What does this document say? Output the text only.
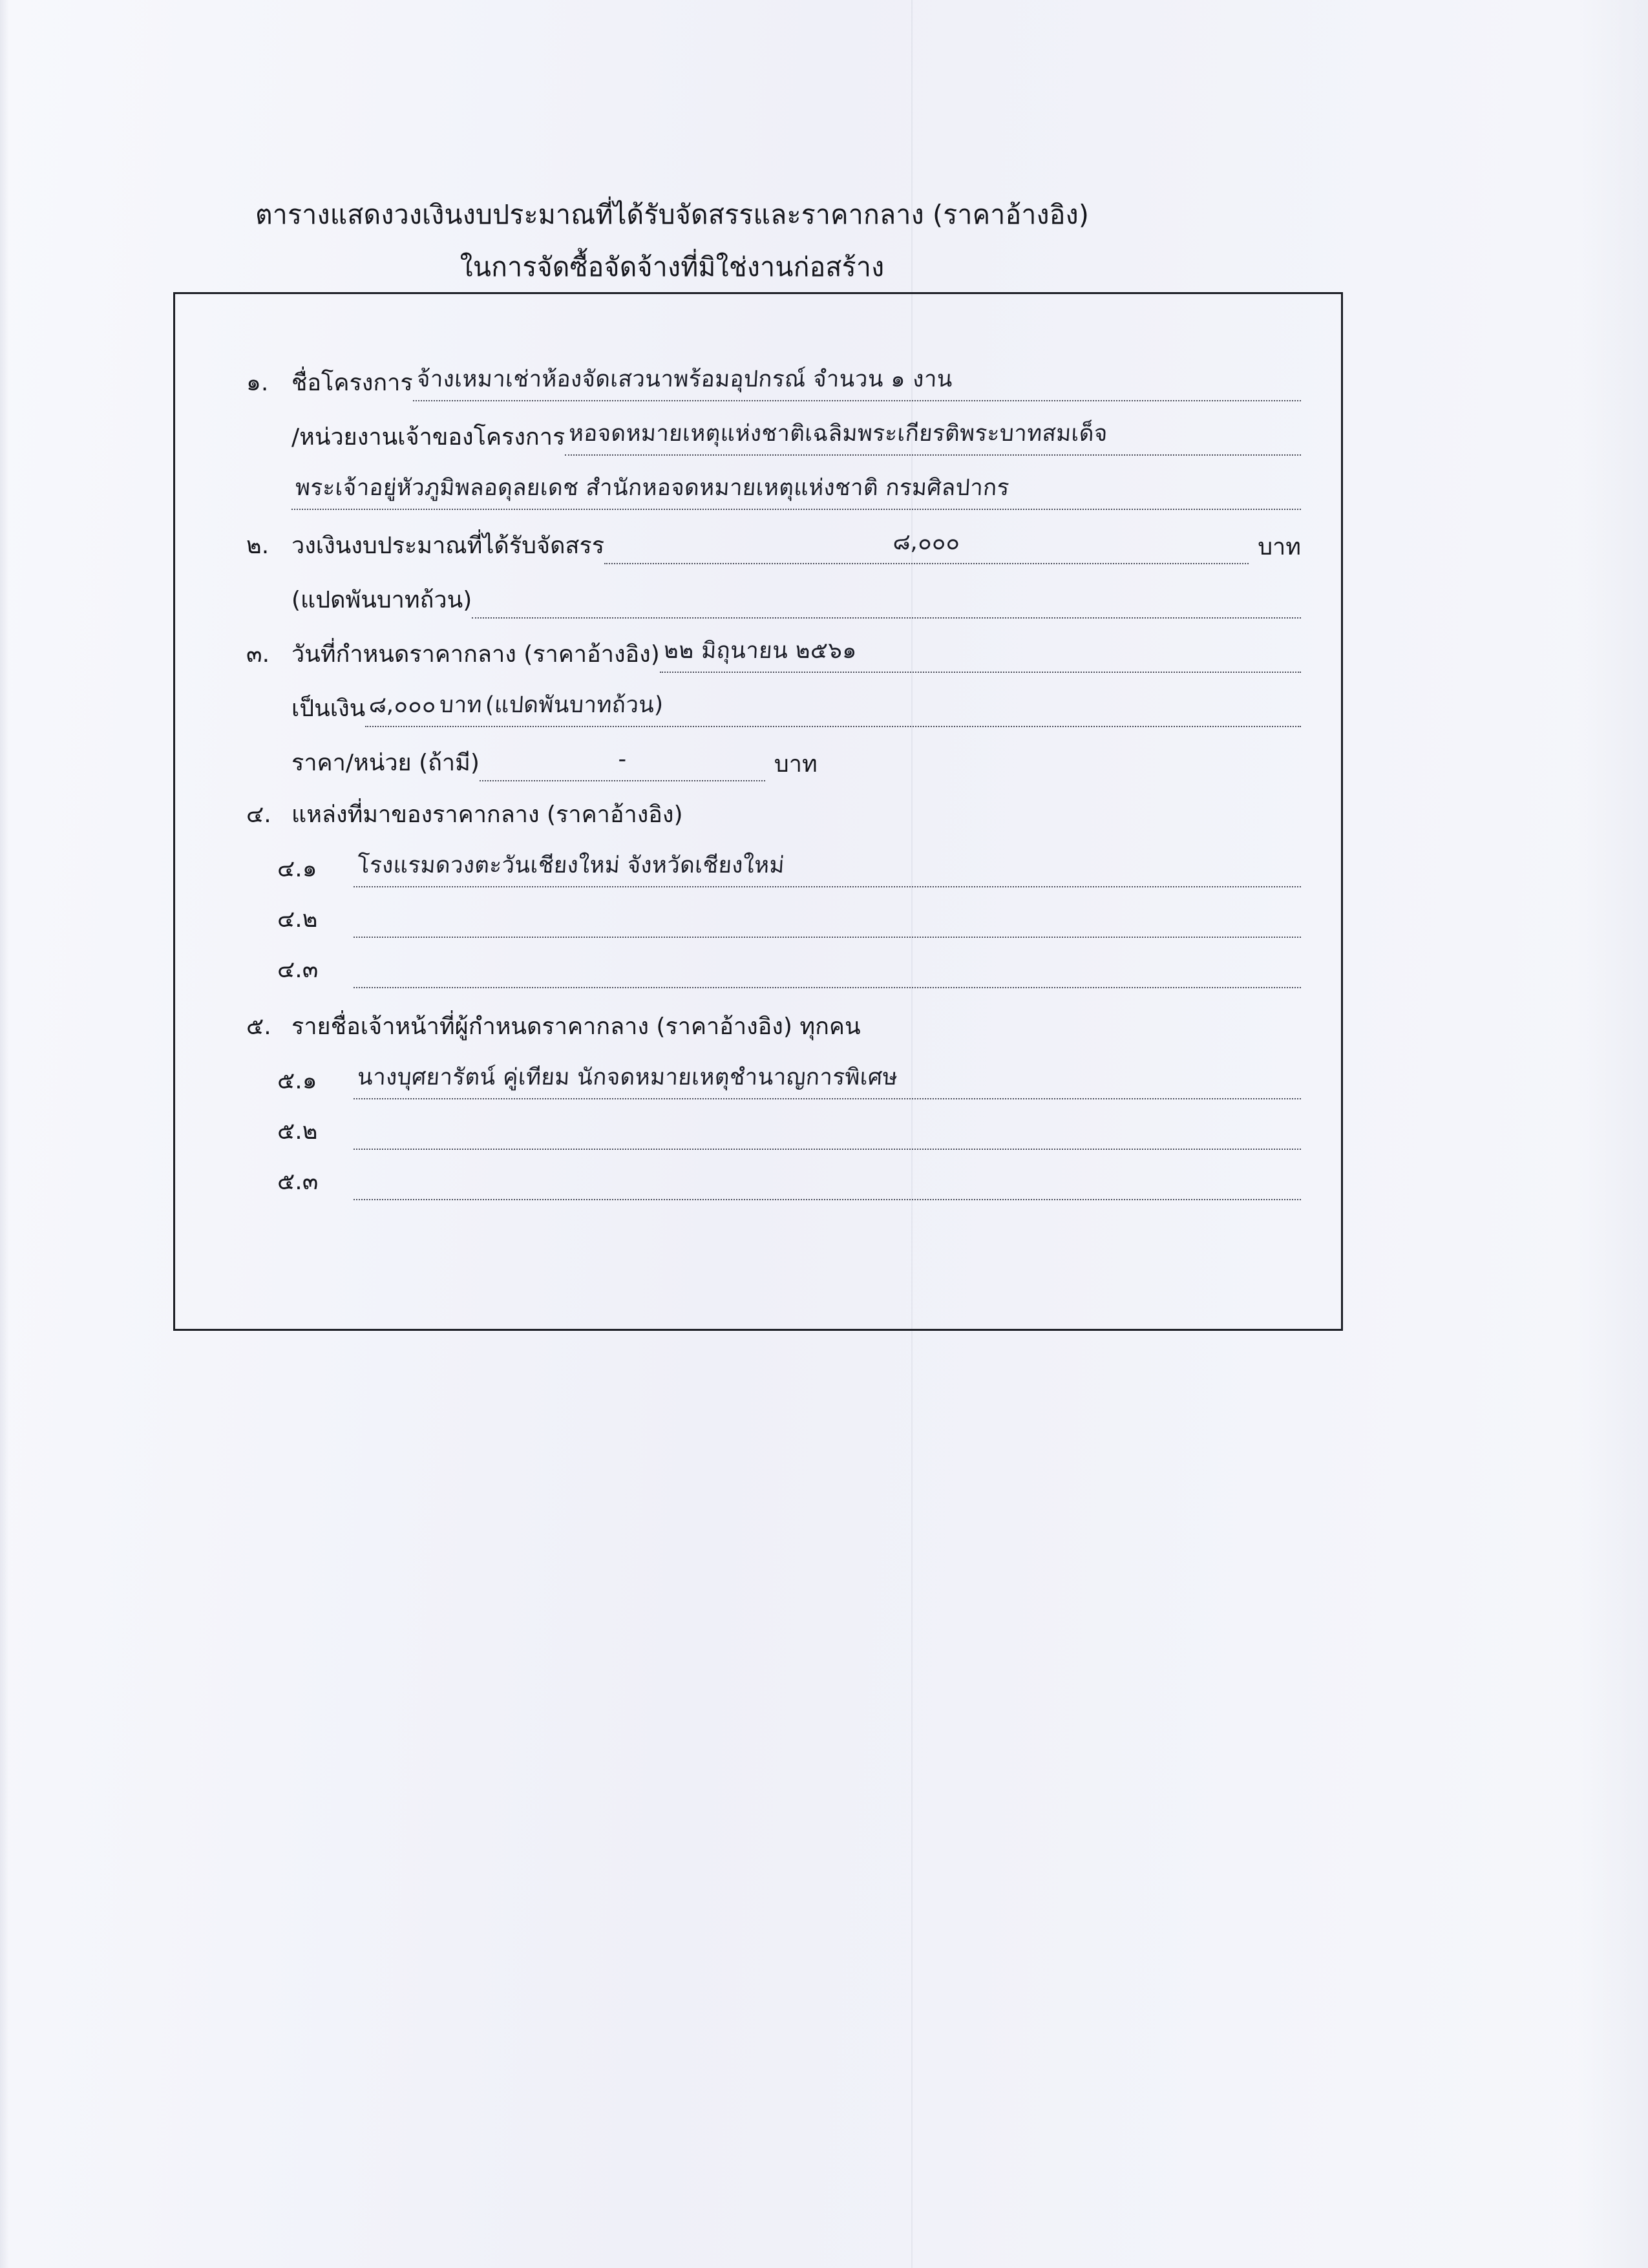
ตารางแสดงวงเงินงบประมาณที่ได้รับจัดสรรและราคากลาง (ราคาอ้างอิง)
ในการจัดซื้อจัดจ้างที่มิใช่งานก่อสร้าง
๑. ชื่อโครงการ จ้างเหมาเช่าห้องจัดเสวนาพร้อมอุปกรณ์ จำนวน ๑ งาน
/หน่วยงานเจ้าของโครงการ หอจดหมายเหตุแห่งชาติเฉลิมพระเกียรติพระบาทสมเด็จ
พระเจ้าอยู่หัวภูมิพลอดุลยเดช สำนักหอจดหมายเหตุแห่งชาติ กรมศิลปากร
๒. วงเงินงบประมาณที่ได้รับจัดสรร	๘,๐๐๐	บาท
(แปดพันบาทถ้วน)
๓. วันที่กำหนดราคากลาง (ราคาอ้างอิง) ๒๒ มิถุนายน ๒๕๖๑
เป็นเงิน ๘,๐๐๐ บาท (แปดพันบาทถ้วน)
ราคา/หน่วย (ถ้ามี)	-	บาท
๔. แหล่งที่มาของราคากลาง (ราคาอ้างอิง)
๔.๑	โรงแรมดวงตะวันเชียงใหม่ จังหวัดเชียงใหม่
๔.๒
๔.๓
๕. รายชื่อเจ้าหน้าที่ผู้กำหนดราคากลาง (ราคาอ้างอิง) ทุกคน
๕.๑	นางบุศยารัตน์ คู่เทียม นักจดหมายเหตุชำนาญการพิเศษ
๕.๒
๕.๓
